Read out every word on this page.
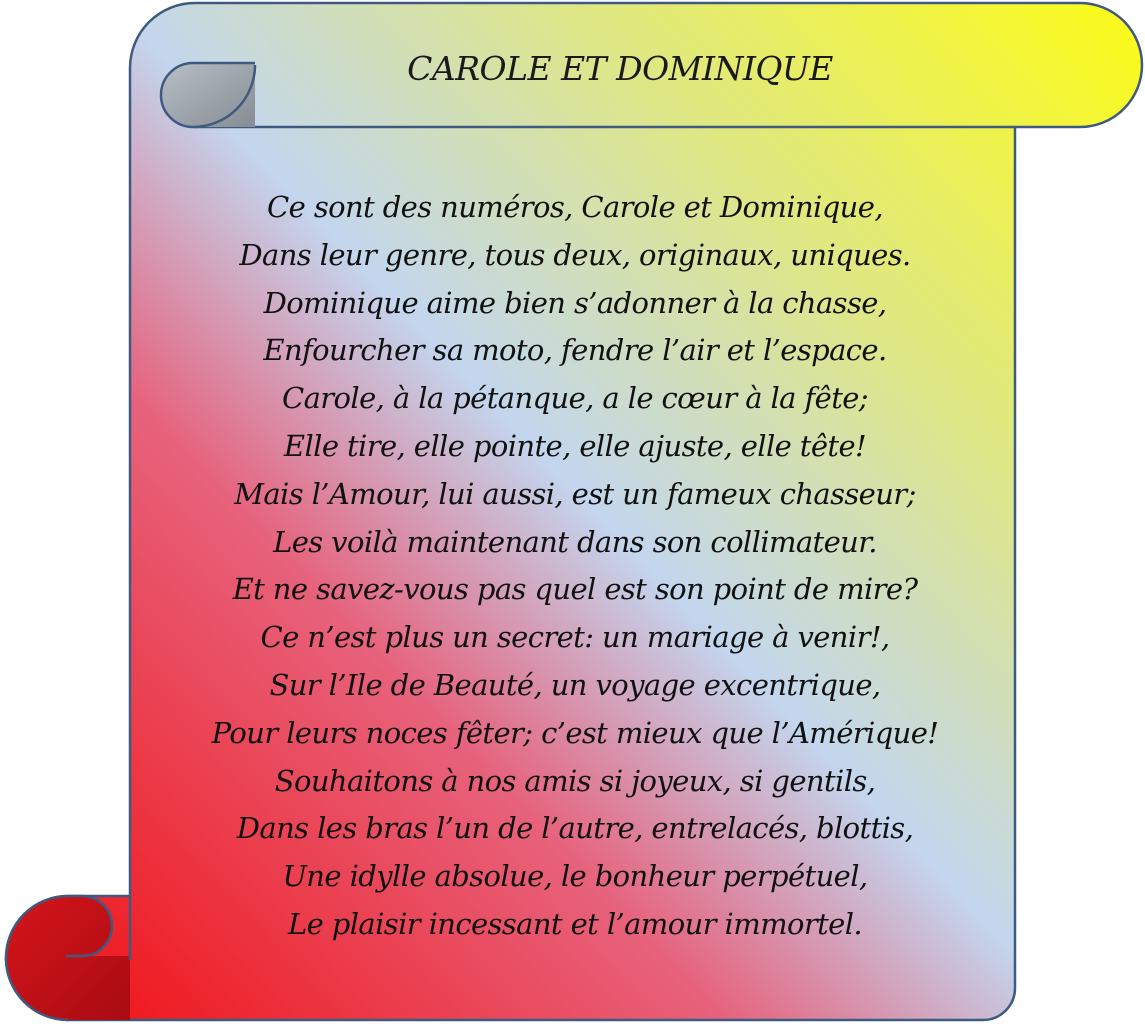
CAROLE ET DOMINIQUE
Ce sont des numéros, Carole et Dominique,
Dans leur genre, tous deux, originaux, uniques.
Dominique aime bien s’adonner à la chasse,
Enfourcher sa moto, fendre l’air et l’espace.
Carole, à la pétanque, a le cœur à la fête;
Elle tire, elle pointe, elle ajuste, elle tête!
Mais l’Amour, lui aussi, est un fameux chasseur;
Les voilà maintenant dans son collimateur.
Et ne savez-vous pas quel est son point de mire?
Ce n’est plus un secret: un mariage à venir!,
Sur l’Ile de Beauté, un voyage excentrique,
Pour leurs noces fêter; c’est mieux que l’Amérique!
Souhaitons à nos amis si joyeux, si gentils,
Dans les bras l’un de l’autre, entrelacés, blottis,
Une idylle absolue, le bonheur perpétuel,
Le plaisir incessant et l’amour immortel.
